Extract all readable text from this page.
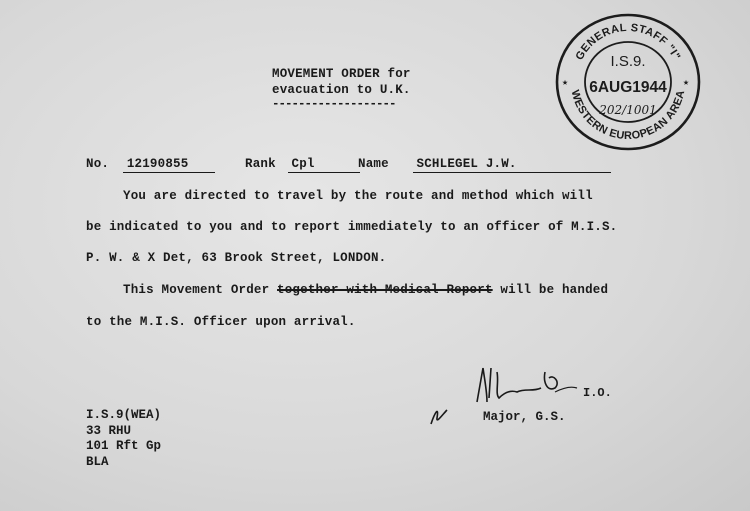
MOVEMENT ORDER for
evacuation to U.K.
-------------------
GENERAL STAFF "I"
WESTERN EUROPEAN AREA
★	★
I.S.9.
6AUG1944
202/1001
No. 12190855	Rank Cpl	Name SCHLEGEL J.W.
You are directed to travel by the route and method which will
be indicated to you and to report immediately to an officer of M.I.S.
P. W. & X Det, 63 Brook Street, LONDON.
This Movement Order together with Medical Report will be handed
to the M.I.S. Officer upon arrival.
I.O.
Major, G.S.
I.S.9(WEA)
33 RHU
101 Rft Gp
BLA
